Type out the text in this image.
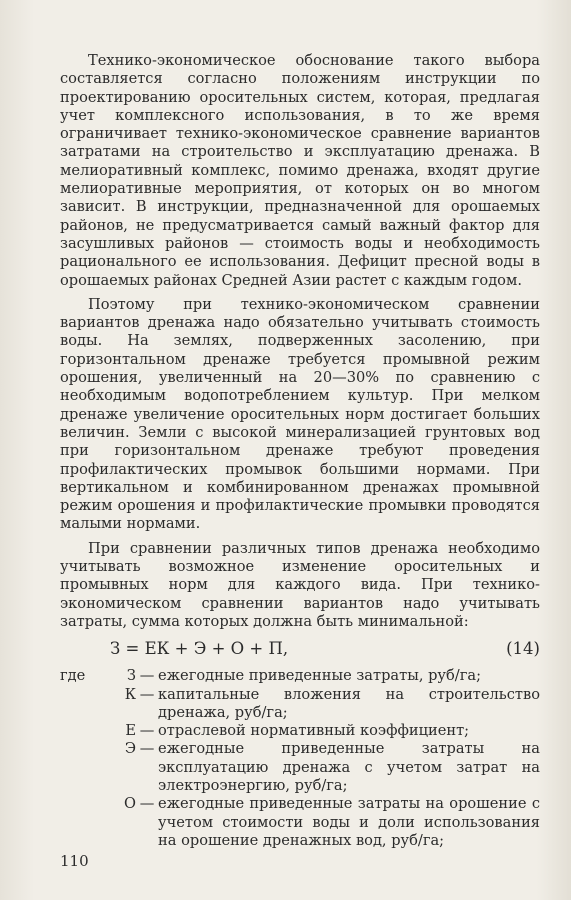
Технико-экономическое обоснование такого выбора составляется согласно положениям инструкции по проектированию оросительных систем, которая, предлагая учет комплексного использования, в то же время ограничивает технико-экономическое сравнение вариантов затратами на строительство и эксплуатацию дренажа. В мелиоративный комплекс, помимо дренажа, входят другие мелиоративные мероприятия, от которых он во многом зависит. В инструкции, предназначенной для орошаемых районов, не предусматривается самый важный фактор для засушливых районов — стоимость воды и необходимость рационального ее использования. Дефицит пресной воды в орошаемых районах Средней Азии растет с каждым годом.

Поэтому при технико-экономическом сравнении вариантов дренажа надо обязательно учитывать стоимость воды. На землях, подверженных засолению, при горизонтальном дренаже требуется промывной режим орошения, увеличенный на 20—30% по сравнению с необходимым водопотреблением культур. При мелком дренаже увеличение оросительных норм достигает больших величин. Земли с высокой минерализацией грунтовых вод при горизонтальном дренаже требуют проведения профилактических промывок большими нормами. При вертикальном и комбинированном дренажах промывной режим орошения и профилактические промывки проводятся малыми нормами.

При сравнении различных типов дренажа необходимо учитывать возможное изменение оросительных и промывных норм для каждого вида. При технико-экономическом сравнении вариантов надо учитывать затраты, сумма которых должна быть минимальной:

З = ЕК + Э + О + П,	(14)
где	З — ежегодные приведенные затраты, руб/га;
К — капитальные вложения на строительство дренажа, руб/га;
Е — отраслевой нормативный коэффициент;
Э — ежегодные приведенные затраты на эксплуатацию дренажа с учетом затрат на электроэнергию, руб/га;
О — ежегодные приведенные затраты на орошение с учетом стоимости воды и доли использования на орошение дренажных вод, руб/га;
110
